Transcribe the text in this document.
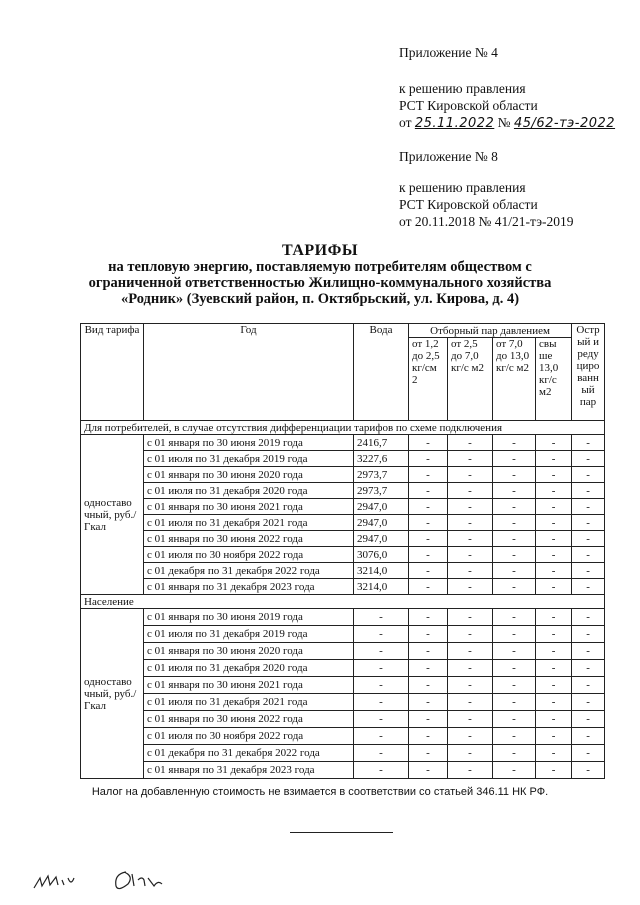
Приложение № 4
к решению правления
РСТ Кировской области
от 25.11.2022 № 45/62-тэ-2022
Приложение № 8
к решению правления
РСТ Кировской области
от 20.11.2018 № 41/21-тэ-2019
ТАРИФЫ
на тепловую энергию, поставляемую потребителям обществом с
ограниченной ответственностью Жилищно-коммунального хозяйства
«Родник» (Зуевский район, п. Октябрьский, ул. Кирова, д. 4)
Вид тарифа	Год	Вода	Отборный пар давлением				Остр ый и реду циро ванн ый пар
			от 1,2 до 2,5 кг/см 2	от 2,5 до 7,0 кг/с м2	от 7,0 до 13,0 кг/с м2	свы ше 13,0 кг/с м2	
Для потребителей, в случае отсутствия дифференциации тарифов по схеме подключения							
одноставо чный, руб./Гкал	с 01 января по 30 июня 2019 года	2416,7	-	-	-	-	-
	с 01 июля по 31 декабря 2019 года	3227,6	-	-	-	-	-
	с 01 января по 30 июня 2020 года	2973,7	-	-	-	-	-
	с 01 июля по 31 декабря 2020 года	2973,7	-	-	-	-	-
	с 01 января по 30 июня 2021 года	2947,0	-	-	-	-	-
	с 01 июля по 31 декабря 2021 года	2947,0	-	-	-	-	-
	с 01 января по 30 июня 2022 года	2947,0	-	-	-	-	-
	с 01 июля по 30 ноября 2022 года	3076,0	-	-	-	-	-
	с 01 декабря по 31 декабря 2022 года	3214,0	-	-	-	-	-
	с 01 января по 31 декабря 2023 года	3214,0	-	-	-	-	-
Население							
одноставо чный, руб./Гкал	с 01 января по 30 июня 2019 года	-	-	-	-	-	-
	с 01 июля по 31 декабря 2019 года	-	-	-	-	-	-
	с 01 января по 30 июня 2020 года	-	-	-	-	-	-
	с 01 июля по 31 декабря 2020 года	-	-	-	-	-	-
	с 01 января по 30 июня 2021 года	-	-	-	-	-	-
	с 01 июля по 31 декабря 2021 года	-	-	-	-	-	-
	с 01 января по 30 июня 2022 года	-	-	-	-	-	-
	с 01 июля по 30 ноября 2022 года	-	-	-	-	-	-
	с 01 декабря по 31 декабря 2022 года	-	-	-	-	-	-
	с 01 января по 31 декабря 2023 года	-	-	-	-	-	-
Налог на добавленную стоимость не взимается в соответствии со статьей 346.11 НК РФ.
